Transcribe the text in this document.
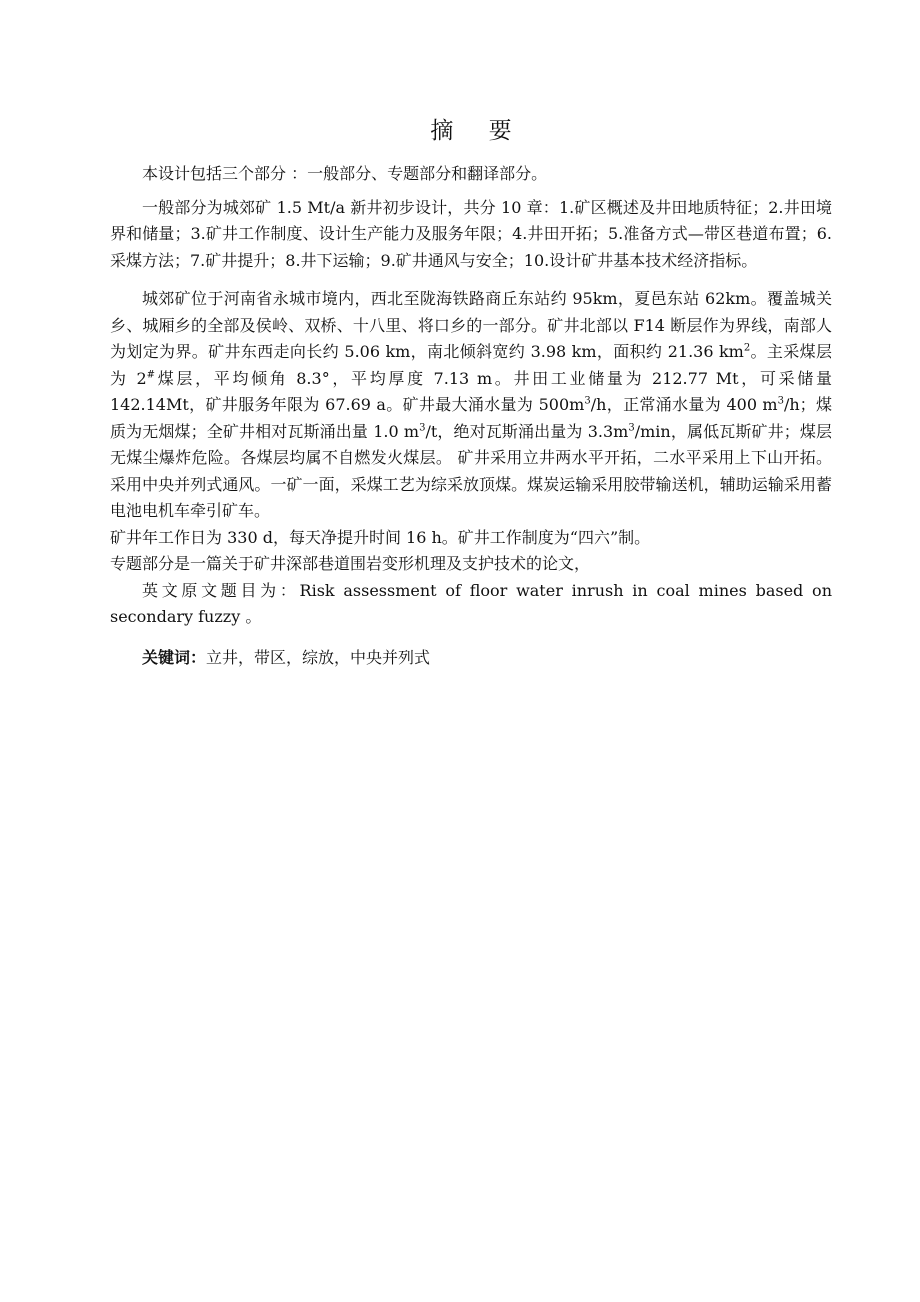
摘 要

本设计包括三个部分 ：一般部分、专题部分和翻译部分。

一般部分为城郊矿 1.5 Mt/a 新井初步设计，共分 10 章：1.矿区概述及井田地质特征；2.井田境界和储量；3.矿井工作制度、设计生产能力及服务年限；4.井田开拓；5.准备方式—带区巷道布置；6.采煤方法；7.矿井提升；8.井下运输；9.矿井通风与安全；10.设计矿井基本技术经济指标。

城郊矿位于河南省永城市境内，西北至陇海铁路商丘东站约 95km，夏邑东站 62km。覆盖城关乡、城厢乡的全部及侯岭、双桥、十八里、将口乡的一部分。矿井北部以 F14 断层作为界线，南部人为划定为界。矿井东西走向长约 5.06 km，南北倾斜宽约 3.98 km，面积约 21.36 $km^2$。主采煤层为 2#煤层，平均倾角 8.3°，平均厚度 7.13 m。井田工业储量为 212.77 Mt，可采储量 142.14Mt，矿井服务年限为 67.69 a。矿井最大涌水量为 $500m^3/h$，正常涌水量为 400 $m^3/h$；煤质为无烟煤；全矿井相对瓦斯涌出量 1.0 $m^3/t$，绝对瓦斯涌出量为 $3.3m^3/\min$，属低瓦斯矿井；煤层无煤尘爆炸危险。各煤层均属不自燃发火煤层。 矿井采用立井两水平开拓，二水平采用上下山开拓。采用中央并列式通风。一矿一面，采煤工艺为综采放顶煤。煤炭运输采用胶带输送机，辅助运输采用蓄电池电机车牵引矿车。

矿井年工作日为 330 d，每天净提升时间 16 h。矿井工作制度为“四六”制。

专题部分是一篇关于矿井深部巷道围岩变形机理及支护技术的论文，

英文原文题目为：Risk assessment of floor water inrush in coal mines based on secondary fuzzy 。

关键词：立井，带区，综放，中央并列式
